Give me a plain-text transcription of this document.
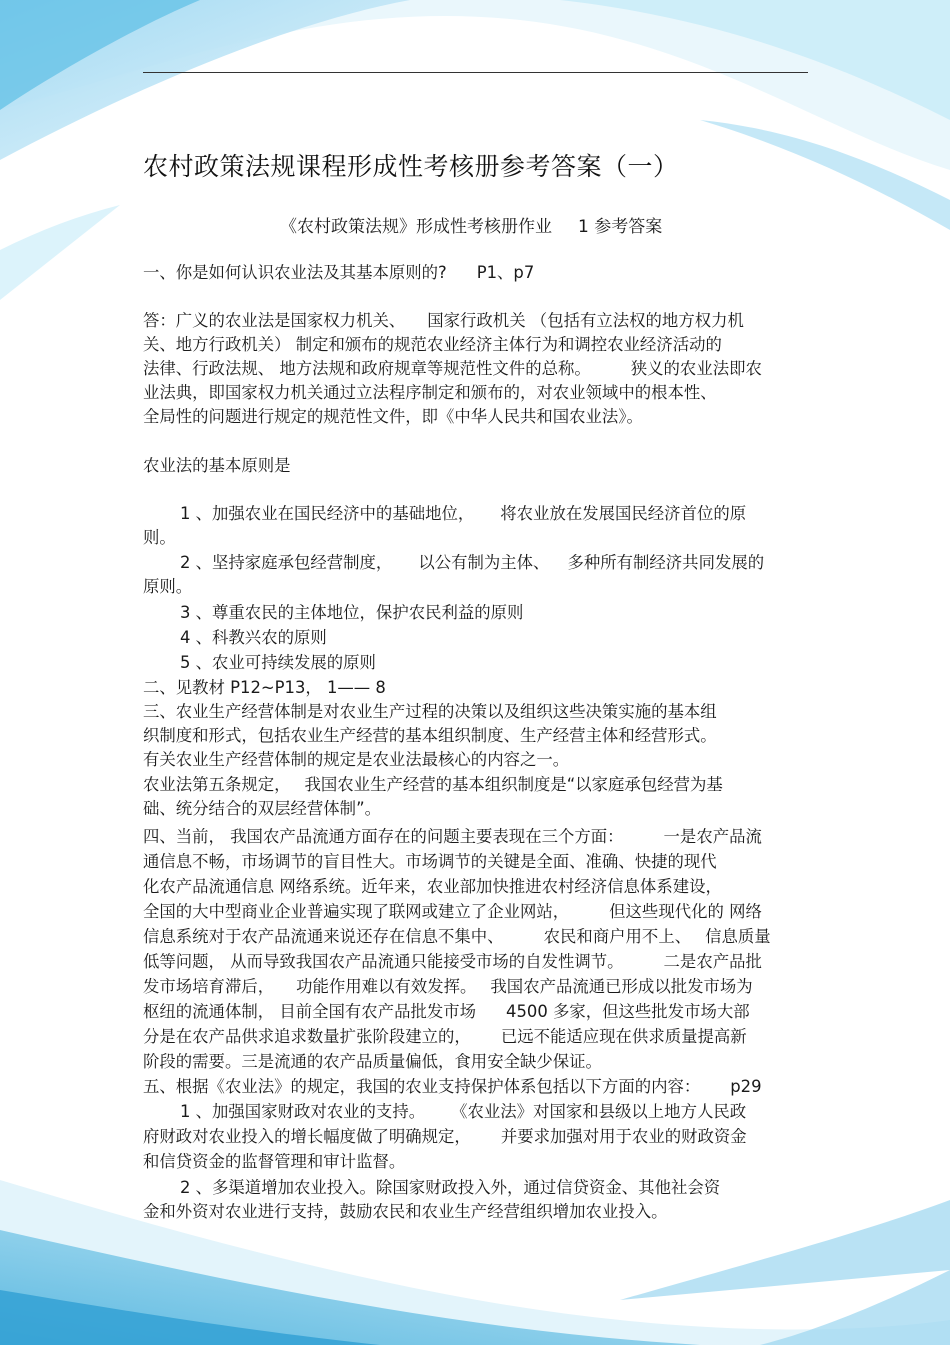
农村政策法规课程形成性考核册参考答案（一）
《农村政策法规》形成性考核册作业 1 参考答案
一、你是如何认识农业法及其基本原则的? P1、p7
答：广义的农业法是国家权力机关、 国家行政机关 （包括有立法权的地方权力机
关、地方行政机关） 制定和颁布的规范农业经济主体行为和调控农业经济活动的
法律、行政法规、 地方法规和政府规章等规范性文件的总称。 狭义的农业法即农
业法典，即国家权力机关通过立法程序制定和颁布的，对农业领域中的根本性、
全局性的问题进行规定的规范性文件，即《中华人民共和国农业法》。
农业法的基本原则是
1 、加强农业在国民经济中的基础地位， 将农业放在发展国民经济首位的原
则。
2 、坚持家庭承包经营制度， 以公有制为主体、 多种所有制经济共同发展的
原则。
3 、尊重农民的主体地位，保护农民利益的原则
4 、科教兴农的原则
5 、农业可持续发展的原则
二、见教材 P12~P13， 1—— 8
三、农业生产经营体制是对农业生产过程的决策以及组织这些决策实施的基本组
织制度和形式，包括农业生产经营的基本组织制度、生产经营主体和经营形式。
有关农业生产经营体制的规定是农业法最核心的内容之一。
农业法第五条规定， 我国农业生产经营的基本组织制度是“以家庭承包经营为基
础、统分结合的双层经营体制”。
四、当前， 我国农产品流通方面存在的问题主要表现在三个方面： 一是农产品流
通信息不畅，市场调节的盲目性大。市场调节的关键是全面、准确、快捷的现代
化农产品流通信息 网络系统。近年来，农业部加快推进农村经济信息体系建设，
全国的大中型商业企业普遍实现了联网或建立了企业网站， 但这些现代化的 网络
信息系统对于农产品流通来说还存在信息不集中、 农民和商户用不上、 信息质量
低等问题， 从而导致我国农产品流通只能接受市场的自发性调节。 二是农产品批
发市场培育滞后， 功能作用难以有效发挥。 我国农产品流通已形成以批发市场为
枢纽的流通体制， 目前全国有农产品批发市场 4500 多家，但这些批发市场大部
分是在农产品供求追求数量扩张阶段建立的， 已远不能适应现在供求质量提高新
阶段的需要。三是流通的农产品质量偏低，食用安全缺少保证。
五、根据《农业法》的规定，我国的农业支持保护体系包括以下方面的内容： p29
1 、加强国家财政对农业的支持。 《农业法》对国家和县级以上地方人民政
府财政对农业投入的增长幅度做了明确规定， 并要求加强对用于农业的财政资金
和信贷资金的监督管理和审计监督。
2 、多渠道增加农业投入。除国家财政投入外，通过信贷资金、其他社会资
金和外资对农业进行支持，鼓励农民和农业生产经营组织增加农业投入。
